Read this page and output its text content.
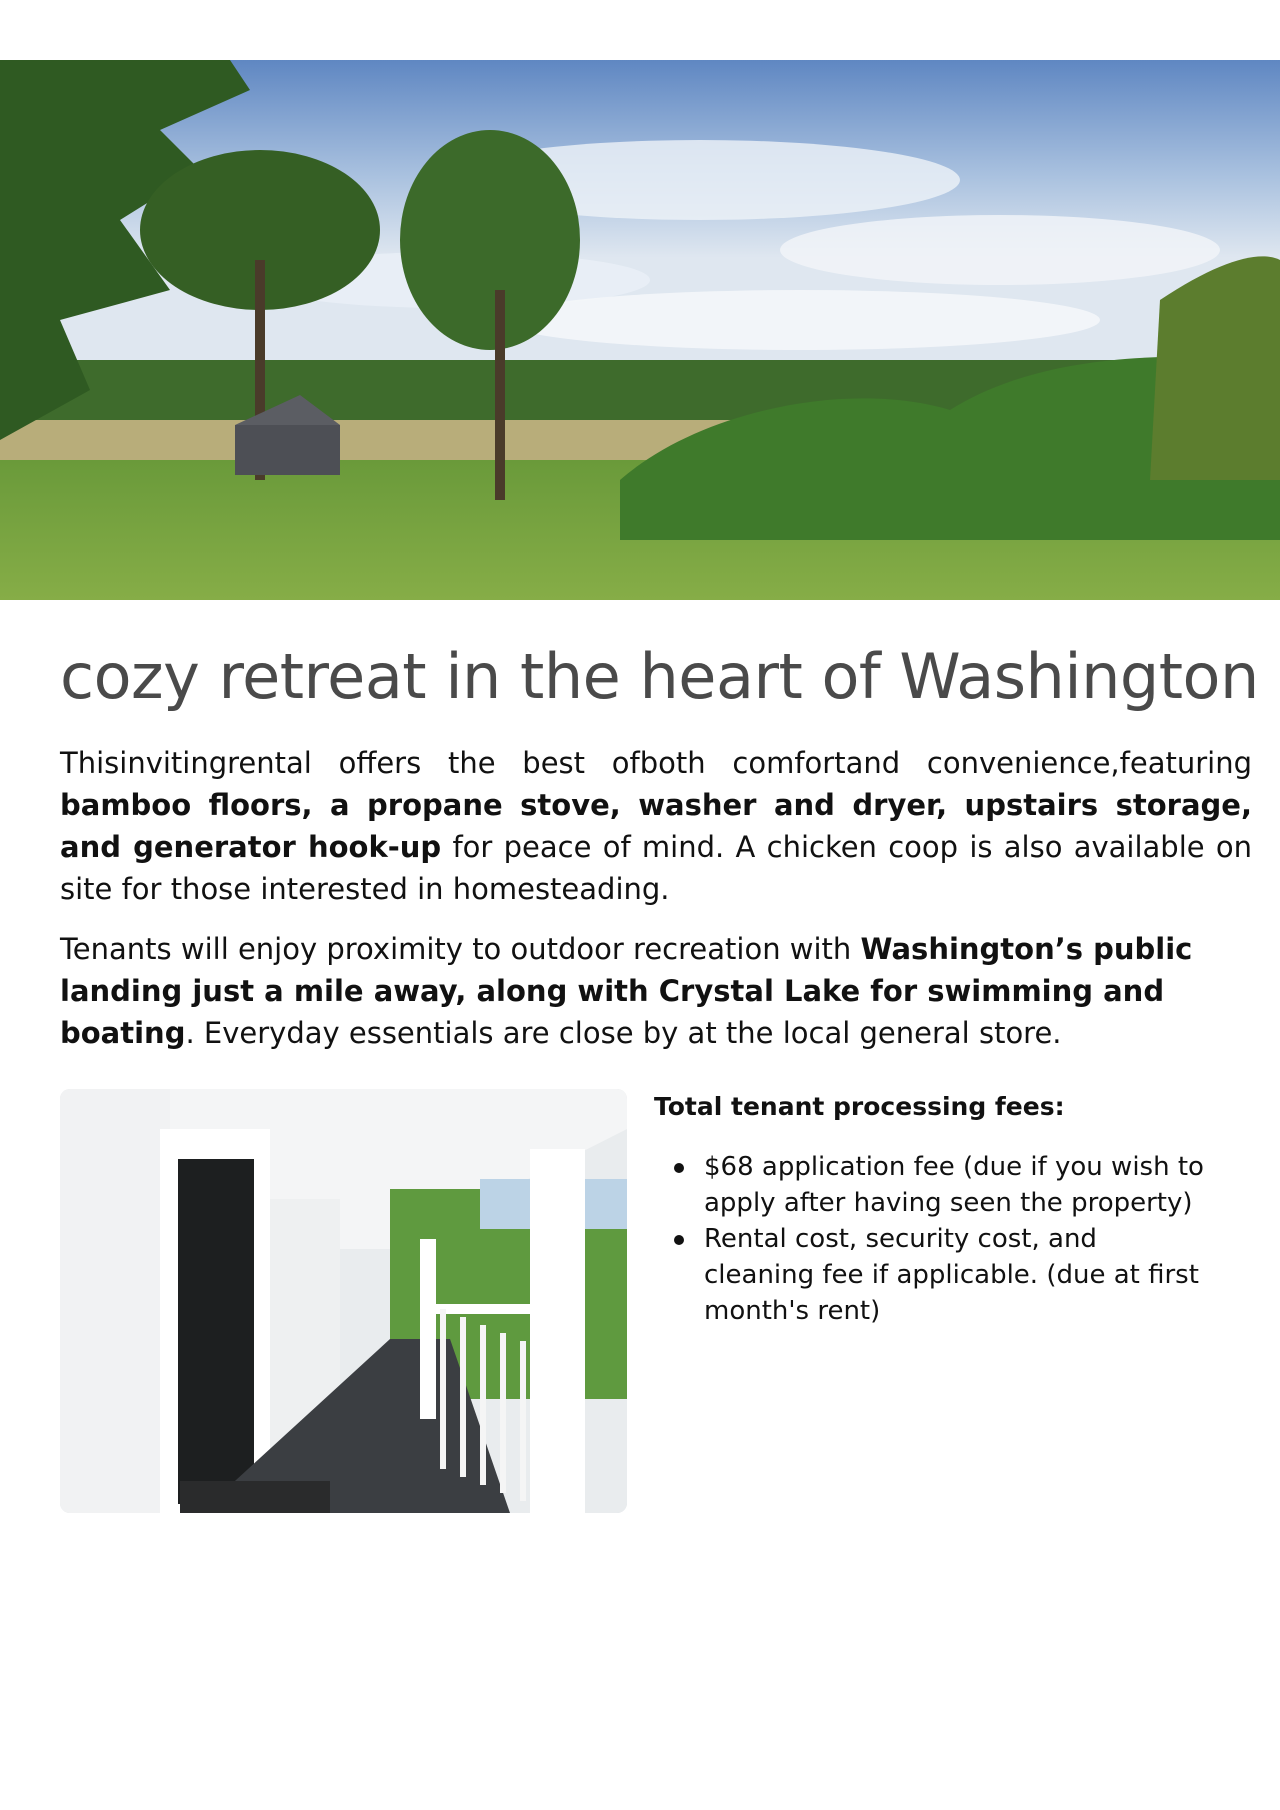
cozy retreat in the heart of Washington

Thisinvitingrental offers the best ofboth comfortand convenience,featuring bamboo floors, a propane stove, washer and dryer, upstairs storage, and generator hook-up for peace of mind. A chicken coop is also available on site for those interested in homesteading.

Tenants will enjoy proximity to outdoor recreation with Washington’s public landing just a mile away, along with Crystal Lake for swimming and boating. Everyday essentials are close by at the local general store.

Total tenant processing fees:
$68 application fee (due if you wish to apply after having seen the property)
Rental cost, security cost, and cleaning fee if applicable. (due at first month's rent)
